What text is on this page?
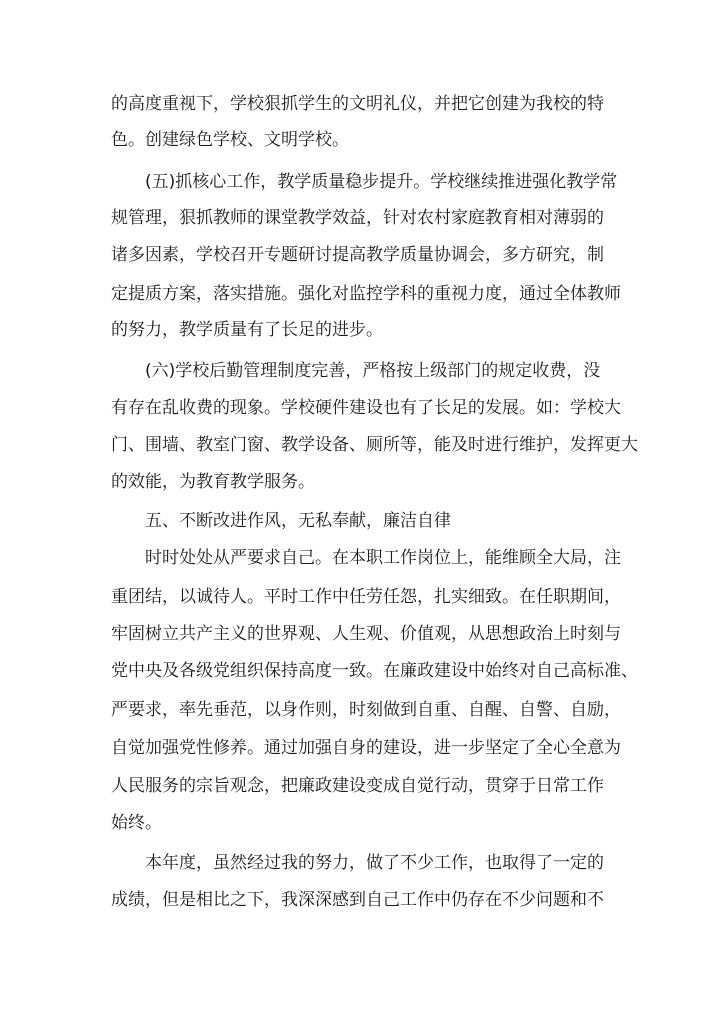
的高度重视下，学校狠抓学生的文明礼仪，并把它创建为我校的特
色。创建绿色学校、文明学校。
(五)抓核心工作，教学质量稳步提升。学校继续推进强化教学常
规管理，狠抓教师的课堂教学效益，针对农村家庭教育相对薄弱的
诸多因素，学校召开专题研讨提高教学质量协调会，多方研究，制
定提质方案，落实措施。强化对监控学科的重视力度，通过全体教师
的努力，教学质量有了长足的进步。
(六)学校后勤管理制度完善，严格按上级部门的规定收费，没
有存在乱收费的现象。学校硬件建设也有了长足的发展。如：学校大
门、围墙、教室门窗、教学设备、厕所等，能及时进行维护，发挥更大
的效能，为教育教学服务。
五、不断改进作风，无私奉献，廉洁自律
时时处处从严要求自己。在本职工作岗位上，能维顾全大局，注
重团结，以诚待人。平时工作中任劳任怨，扎实细致。在任职期间，
牢固树立共产主义的世界观、人生观、价值观，从思想政治上时刻与
党中央及各级党组织保持高度一致。在廉政建设中始终对自己高标准、
严要求，率先垂范，以身作则，时刻做到自重、自醒、自警、自励，
自觉加强党性修养。通过加强自身的建设，进一步坚定了全心全意为
人民服务的宗旨观念，把廉政建设变成自觉行动，贯穿于日常工作
始终。
本年度，虽然经过我的努力，做了不少工作，也取得了一定的
成绩，但是相比之下，我深深感到自己工作中仍存在不少问题和不
